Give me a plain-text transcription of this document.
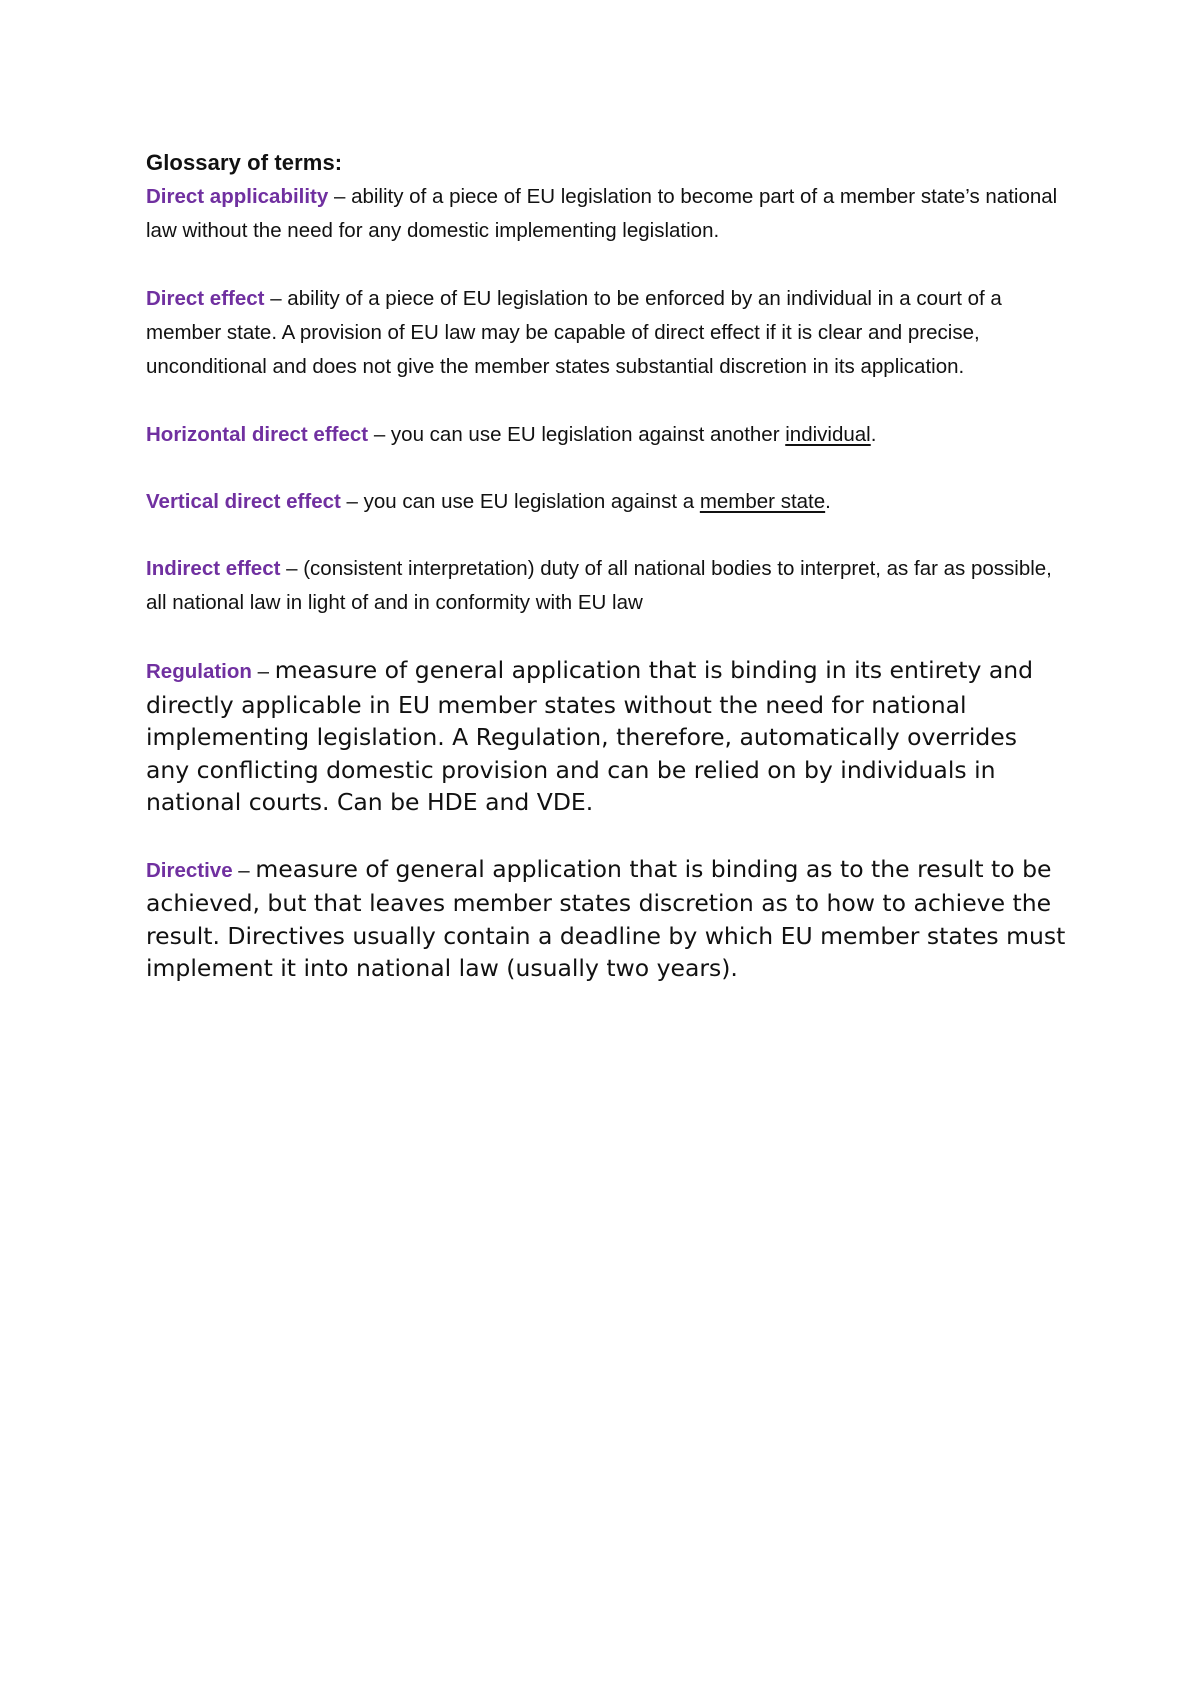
Glossary of terms:

Direct applicability – ability of a piece of EU legislation to become part of a member state’s national law without the need for any domestic implementing legislation.

Direct effect – ability of a piece of EU legislation to be enforced by an individual in a court of a member state. A provision of EU law may be capable of direct effect if it is clear and precise, unconditional and does not give the member states substantial discretion in its application.

Horizontal direct effect – you can use EU legislation against another individual.

Vertical direct effect – you can use EU legislation against a member state.

Indirect effect – (consistent interpretation) duty of all national bodies to interpret, as far as possible, all national law in light of and in conformity with EU law

Regulation – measure of general application that is binding in its entirety and directly applicable in EU member states without the need for national implementing legislation. A Regulation, therefore, automatically overrides any conflicting domestic provision and can be relied on by individuals in national courts. Can be HDE and VDE.

Directive – measure of general application that is binding as to the result to be achieved, but that leaves member states discretion as to how to achieve the result. Directives usually contain a deadline by which EU member states must implement it into national law (usually two years).
